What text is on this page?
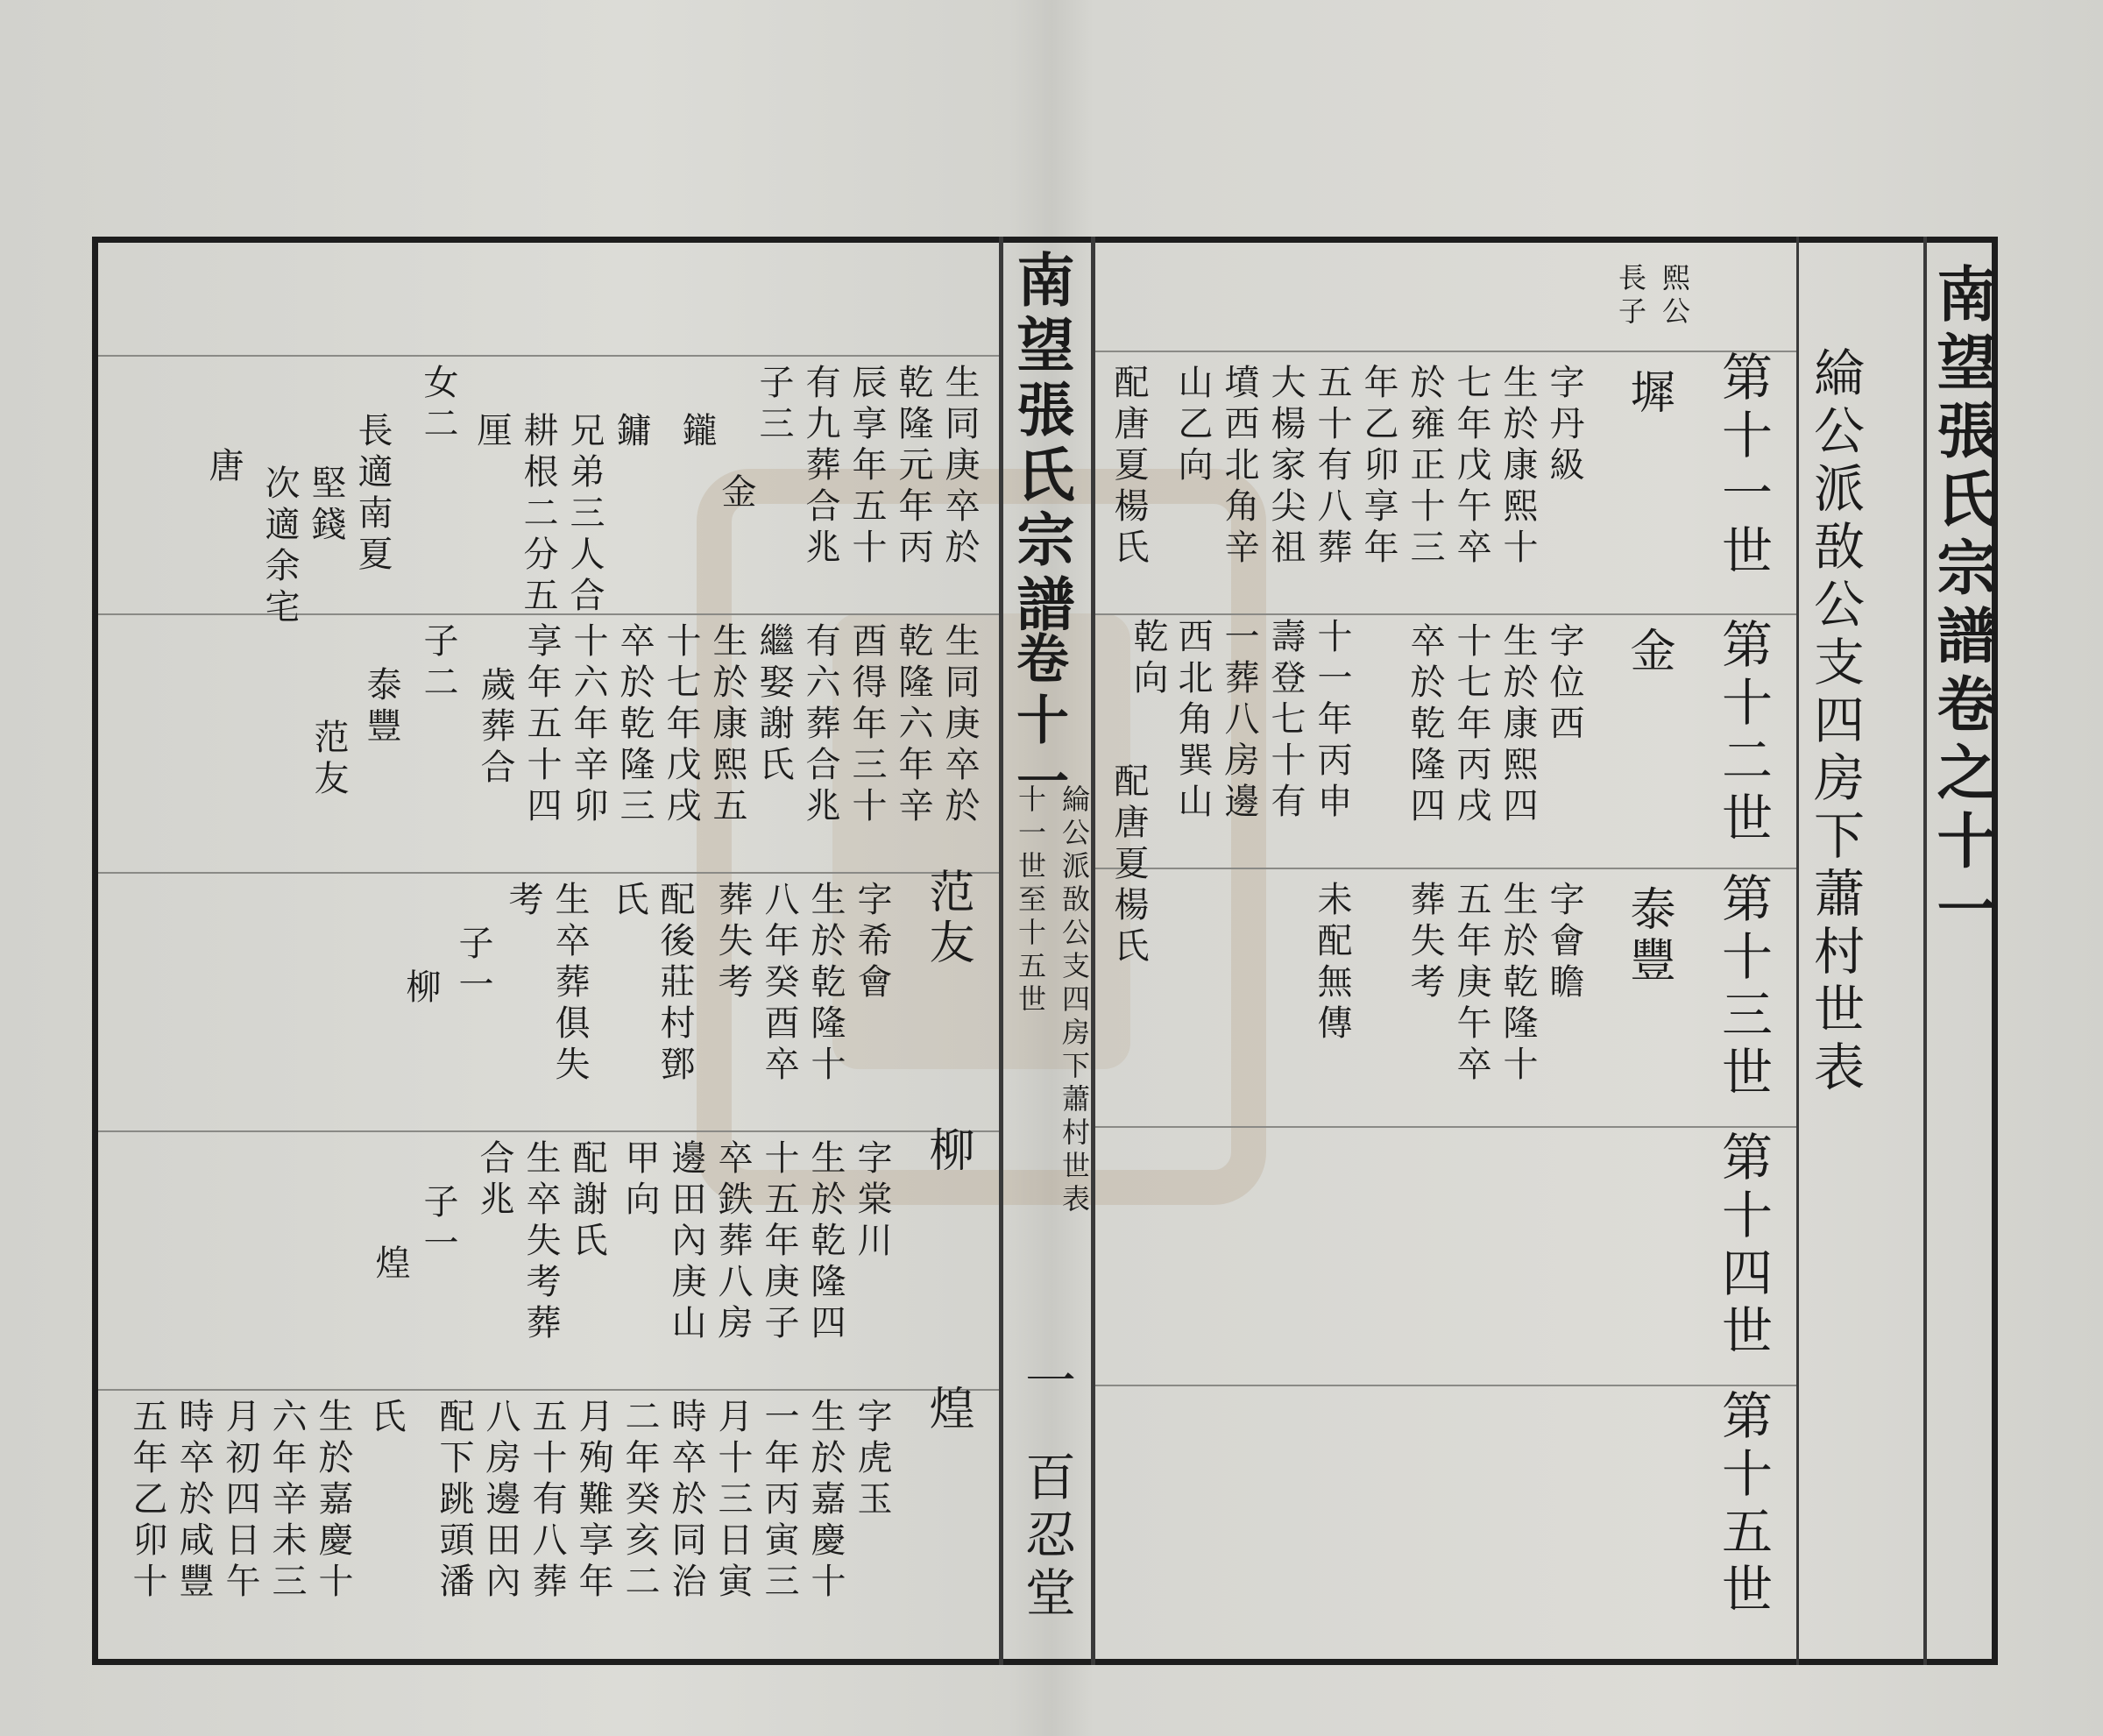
南望張氏宗譜卷之十一
綸公派敔公支四房下蕭村世表
第十一世
第十二世
第十三世
第十四世
第十五世
南望張氏宗譜
卷十一
綸公派敔公支四房下蕭村世表
十一世至十五世
一
百忍堂
熙公
長子
墀
金
泰豐
字丹級
生於康熙十
七年戊午卒
於雍正十三
年乙卯享年
五十有八葬
大楊家尖祖
墳西北角辛
山乙向
配唐夏楊氏
字位西
生於康熙四
十七年丙戌
卒於乾隆四
十一年丙申
壽登七十有
一葬八房邊
西北角巽山
乾向
配唐夏楊氏	字會瞻
生於乾隆十
五年庚午卒
葬失考
未配無傳
生同庚卒於
乾隆元年丙
辰享年五十
有九葬合兆
子三
鑨
金
鏞
兄弟三人合
耕根二分五
厘
女二
長適南夏
堅錢
次適余宅
唐
生同庚卒於
乾隆六年辛
酉得年三十
有六葬合兆
繼娶謝氏
生於康熙五
十七年戊戌
卒於乾隆三
十六年辛卯
享年五十四
歲葬合
子二
泰豐
范友
范友
柳
煌
字希會
生於乾隆十
八年癸酉卒
葬失考
配後莊村鄧
氏
生卒葬俱失
考
子一
柳
字棠川
生於乾隆四
十五年庚子
卒鉄葬八房
邊田內庚山
甲向
配謝氏
生卒失考葬
合兆
子一
煌
字虎玉
生於嘉慶十
一年丙寅三
月十三日寅
時卒於同治
二年癸亥二
月殉難享年
五十有八葬
八房邊田內
配下跳頭潘
氏
生於嘉慶十
六年辛未三
月初四日午
時卒於咸豐
五年乙卯十
